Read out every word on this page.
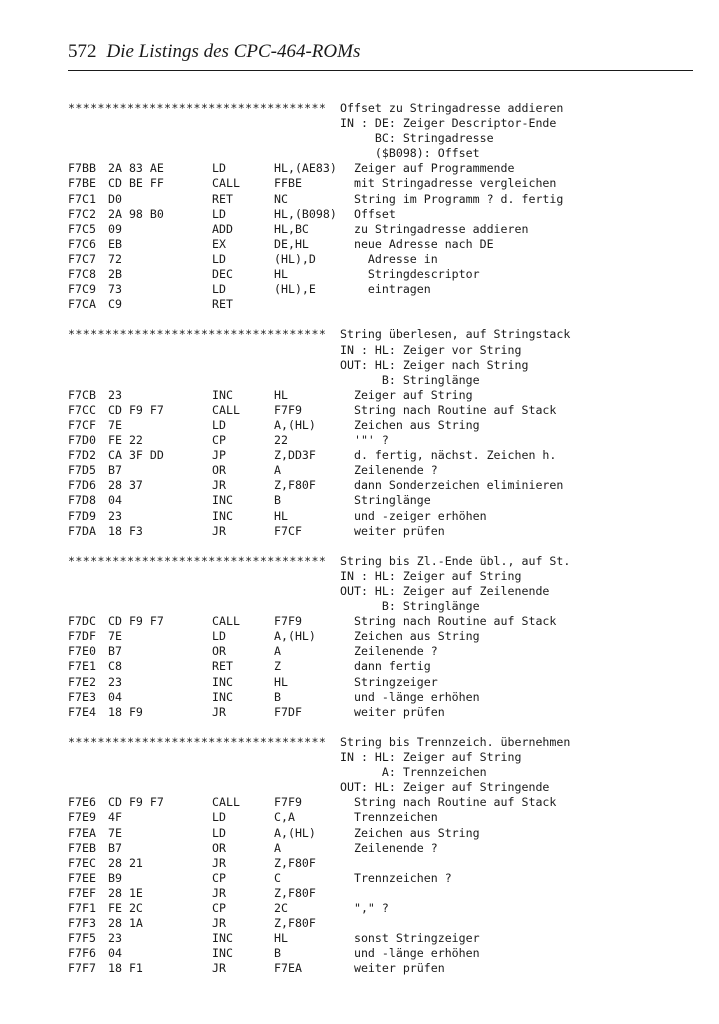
572 Die Listings des CPC-464-ROMs
*********************************** Offset zu Stringadresse addieren
IN : DE: Zeiger Descriptor-Ende
BC: Stringadresse
($B098): Offset
F7BB 2A 83 AE	LD	HL,(AE83) Zeiger auf Programmende
F7BE CD BE FF	CALL	FFBE	mit Stringadresse vergleichen
F7C1 D0	RET	NC	String im Programm ? d. fertig
F7C2 2A 98 B0	LD	HL,(B098) Offset
F7C5 09	ADD	HL,BC	zu Stringadresse addieren
F7C6 EB	EX	DE,HL	neue Adresse nach DE
F7C7 72	LD	(HL),D Adresse in
F7C8 2B	DEC	HL	Stringdescriptor
F7C9 73	LD	(HL),E eintragen
F7CA C9	RET
*********************************** String überlesen, auf Stringstack
IN : HL: Zeiger vor String
OUT: HL: Zeiger nach String
B: Stringlänge
F7CB 23	INC	HL	Zeiger auf String
F7CC CD F9 F7	CALL	F7F9	String nach Routine auf Stack
F7CF 7E	LD	A,(HL) Zeichen aus String
F7D0 FE 22	CP	22	'"' ?
F7D2 CA 3F DD	JP	Z,DD3F d. fertig, nächst. Zeichen h.
F7D5 B7	OR	A	Zeilenende ?
F7D6 28 37	JR	Z,F80F dann Sonderzeichen eliminieren
F7D8 04	INC	B	Stringlänge
F7D9 23	INC	HL	und -zeiger erhöhen
F7DA 18 F3	JR	F7CF	weiter prüfen
*********************************** String bis Zl.-Ende übl., auf St.
IN : HL: Zeiger auf String
OUT: HL: Zeiger auf Zeilenende
B: Stringlänge
F7DC CD F9 F7	CALL	F7F9	String nach Routine auf Stack
F7DF 7E	LD	A,(HL) Zeichen aus String
F7E0 B7	OR	A	Zeilenende ?
F7E1 C8	RET	Z	dann fertig
F7E2 23	INC	HL	Stringzeiger
F7E3 04	INC	B	und -länge erhöhen
F7E4 18 F9	JR	F7DF	weiter prüfen
*********************************** String bis Trennzeich. übernehmen
IN : HL: Zeiger auf String
A: Trennzeichen
OUT: HL: Zeiger auf Stringende
F7E6 CD F9 F7	CALL	F7F9	String nach Routine auf Stack
F7E9 4F	LD	C,A	Trennzeichen
F7EA 7E	LD	A,(HL) Zeichen aus String
F7EB B7	OR	A	Zeilenende ?
F7EC 28 21	JR	Z,F80F
F7EE B9	CP	C	Trennzeichen ?
F7EF 28 1E	JR	Z,F80F
F7F1 FE 2C	CP	2C	"," ?
F7F3 28 1A	JR	Z,F80F
F7F5 23	INC	HL	sonst Stringzeiger
F7F6 04	INC	B	und -länge erhöhen
F7F7 18 F1	JR	F7EA	weiter prüfen
